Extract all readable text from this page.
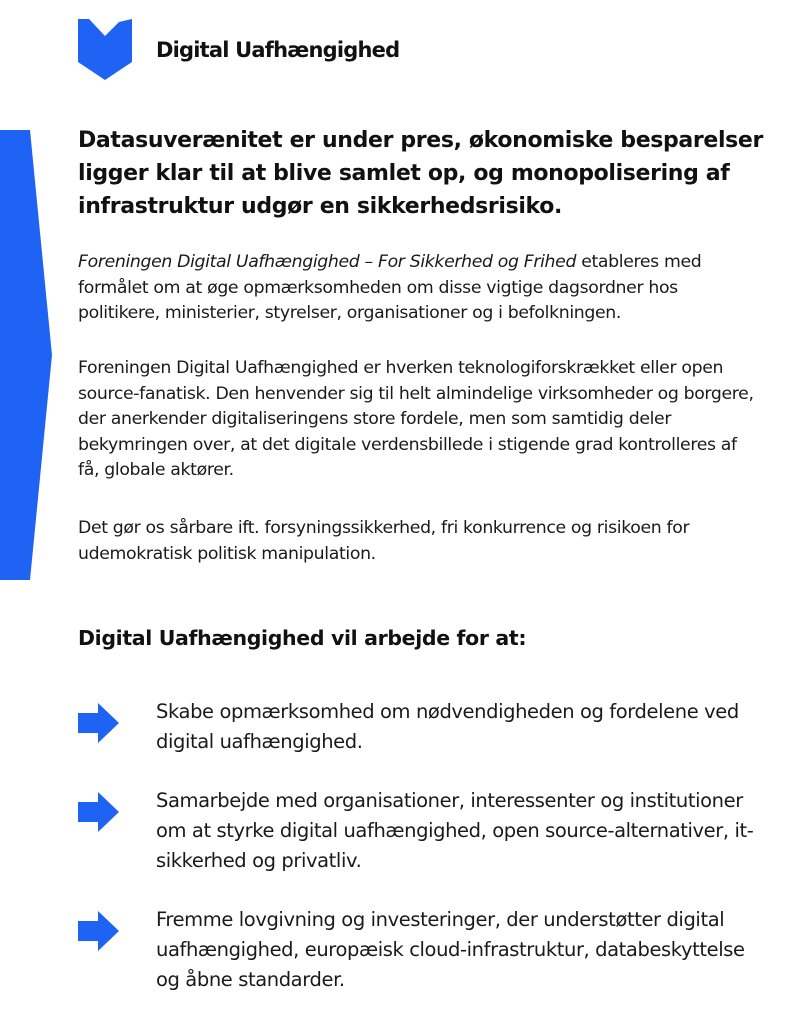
Digital Uafhængighed
Datasuverænitet er under pres, økonomiske besparelser ligger klar til at blive samlet op, og monopolisering af infrastruktur udgør en sikkerhedsrisiko.

Foreningen Digital Uafhængighed – For Sikkerhed og Frihed etableres med formålet om at øge opmærksomheden om disse vigtige dagsordner hos politikere, ministerier, styrelser, organisationer og i befolkningen.

Foreningen Digital Uafhængighed er hverken teknologiforskrækket eller open source-fanatisk. Den henvender sig til helt almindelige virksomheder og borgere, der anerkender digitaliseringens store fordele, men som samtidig deler bekymringen over, at det digitale verdensbillede i stigende grad kontrolleres af få, globale aktører.

Det gør os sårbare ift. forsyningssikkerhed, fri konkurrence og risikoen for udemokratisk politisk manipulation.

Digital Uafhængighed vil arbejde for at:

Skabe opmærksomhed om nødvendigheden og fordelene ved digital uafhængighed.

Samarbejde med organisationer, interessenter og institutioner om at styrke digital uafhængighed, open source-alternativer, it-sikkerhed og privatliv.

Fremme lovgivning og investeringer, der understøtter digital uafhængighed, europæisk cloud-infrastruktur, databeskyttelse og åbne standarder.
